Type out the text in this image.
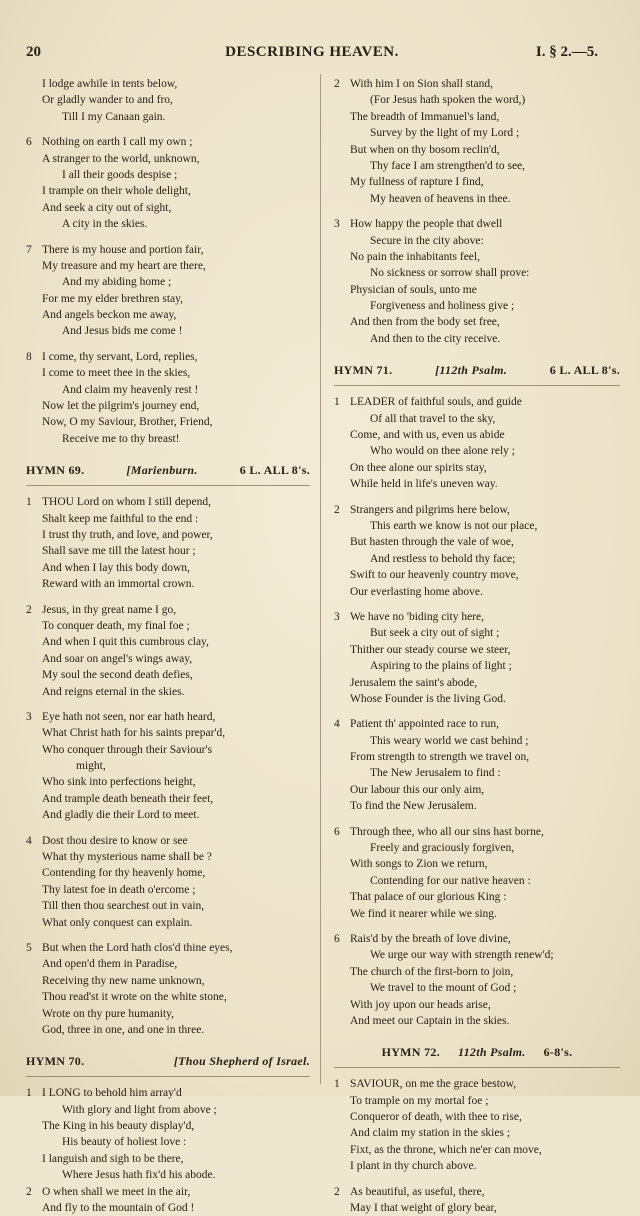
20	DESCRIBING HEAVEN.	I. § 2.—5.
I lodge awhile in tents below,
Or gladly wander to and fro,
Till I my Canaan gain.
6 Nothing on earth I call my own ;
A stranger to the world, unknown,
I all their goods despise ;
I trample on their whole delight,
And seek a city out of sight,
A city in the skies.
7 There is my house and portion fair,
My treasure and my heart are there,
And my abiding home ;
For me my elder brethren stay,
And angels beckon me away,
And Jesus bids me come !
8 I come, thy servant, Lord, replies,
I come to meet thee in the skies,
And claim my heavenly rest !
Now let the pilgrim's journey end,
Now, O my Saviour, Brother, Friend,
Receive me to thy breast!
HYMN 69.	[Marienburn.	6 L. ALL 8's.
1 THOU Lord on whom I still depend,
Shalt keep me faithful to the end :
I trust thy truth, and love, and power,
Shall save me till the latest hour ;
And when I lay this body down,
Reward with an immortal crown.
2 Jesus, in thy great name I go,
To conquer death, my final foe ;
And when I quit this cumbrous clay,
And soar on angel's wings away,
My soul the second death defies,
And reigns eternal in the skies.
3 Eye hath not seen, nor ear hath heard,
What Christ hath for his saints prepar'd,
Who conquer through their Saviour's
might,
Who sink into perfections height,
And trample death beneath their feet,
And gladly die their Lord to meet.
4 Dost thou desire to know or see
What thy mysterious name shall be ?
Contending for thy heavenly home,
Thy latest foe in death o'ercome ;
Till then thou searchest out in vain,
What only conquest can explain.
5 But when the Lord hath clos'd thine eyes,
And open'd them in Paradise,
Receiving thy new name unknown,
Thou read'st it wrote on the white stone,
Wrote on thy pure humanity,
God, three in one, and one in three.
HYMN 70.	[Thou Shepherd of Israel.
1 I LONG to behold him array'd
With glory and light from above ;
The King in his beauty display'd,
His beauty of holiest love :
I languish and sigh to be there,
Where Jesus hath fix'd his abode.
2 O when shall we meet in the air,
And fly to the mountain of God !
2 With him I on Sion shall stand,
(For Jesus hath spoken the word,)
The breadth of Immanuel's land,
Survey by the light of my Lord ;
But when on thy bosom reclin'd,
Thy face I am strengthen'd to see,
My fullness of rapture I find,
My heaven of heavens in thee.
3 How happy the people that dwell
Secure in the city above:
No pain the inhabitants feel,
No sickness or sorrow shall prove:
Physician of souls, unto me
Forgiveness and holiness give ;
And then from the body set free,
And then to the city receive.
HYMN 71.	[112th Psalm.	6 L. ALL 8's.
1 LEADER of faithful souls, and guide
Of all that travel to the sky,
Come, and with us, even us abide
Who would on thee alone rely ;
On thee alone our spirits stay,
While held in life's uneven way.
2 Strangers and pilgrims here below,
This earth we know is not our place,
But hasten through the vale of woe,
And restless to behold thy face;
Swift to our heavenly country move,
Our everlasting home above.
3 We have no 'biding city here,
But seek a city out of sight ;
Thither our steady course we steer,
Aspiring to the plains of light ;
Jerusalem the saint's abode,
Whose Founder is the living God.
4 Patient th' appointed race to run,
This weary world we cast behind ;
From strength to strength we travel on,
The New Jerusalem to find :
Our labour this our only aim,
To find the New Jerusalem.
6 Through thee, who all our sins hast borne,
Freely and graciously forgiven,
With songs to Zion we return,
Contending for our native heaven :
That palace of our glorious King :
We find it nearer while we sing.
6 Rais'd by the breath of love divine,
We urge our way with strength renew'd;
The church of the first-born to join,
We travel to the mount of God ;
With joy upon our heads arise,
And meet our Captain in the skies.
HYMN 72. 112th Psalm. 6-8's.
1 SAVIOUR, on me the grace bestow,
To trample on my mortal foe ;
Conqueror of death, with thee to rise,
And claim my station in the skies ;
Fixt, as the throne, which ne'er can move,
I plant in thy church above.
2 As beautiful, as useful, there,
May I that weight of glory bear,
